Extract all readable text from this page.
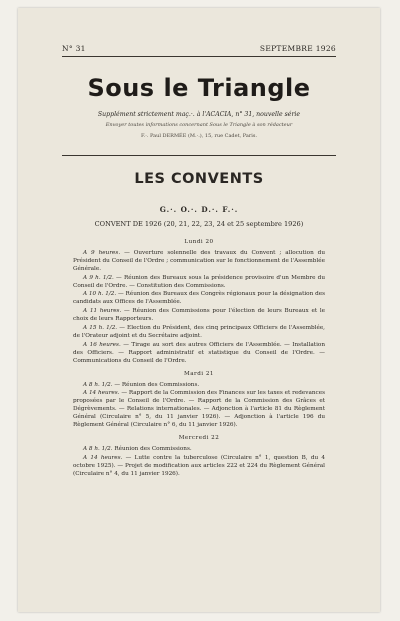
N° 31	SEPTEMBRE 1926
Sous le Triangle
Supplément strictement maç.·. à l'ACACIA, n° 31, nouvelle série
Envoyer toutes informations concernant Sous le Triangle à son rédacteur
F.·. Paul DERMÉE (M.·.), 15, rue Cadet, Paris.
LES CONVENTS
G.·. O.·. D.·. F.·.
CONVENT DE 1926 (20, 21, 22, 23, 24 et 25 septembre 1926)
Lundi 20

A 9 heures. — Ouverture solennelle des travaux du Convent ; allocution du Président du Conseil de l'Ordre ; communication sur le fonctionnement de l'Assemblée Générale.

A 9 h. 1/2. — Réunion des Bureaux sous la présidence provisoire d'un Membre du Conseil de l'Ordre. — Constitution des Commissions.

A 10 h. 1/2. — Réunion des Bureaux des Congrès régionaux pour la désignation des candidats aux Offices de l'Assemblée.

A 11 heures. — Réunion des Commissions pour l'élection de leurs Bureaux et le choix de leurs Rapporteurs.

A 15 h. 1/2. — Election du Président, des cinq principaux Officiers de l'Assemblée, de l'Orateur adjoint et du Secrétaire adjoint.

A 16 heures. — Tirage au sort des autres Officiers de l'Assemblée. — Installation des Officiers. — Rapport administratif et statistique du Conseil de l'Ordre. — Communications du Conseil de l'Ordre.

Mardi 21

A 8 h. 1/2. — Réunion des Commissions.

A 14 heures. — Rapport de la Commission des Finances sur les taxes et redevances proposées par le Conseil de l'Ordre. — Rapport de la Commission des Grâces et Dégrèvements. — Relations internationales. — Adjonction à l'article 81 du Règlement Général (Circulaire n° 5, du 11 janvier 1926). — Adjonction à l'article 196 du Règlement Général (Circulaire n° 6, du 11 janvier 1926).

Mercredi 22

A 8 h. 1/2. Réunion des Commissions.

A 14 heures. — Lutte contre la tuberculose (Circulaire n° 1, question B, du 4 octobre 1925). — Projet de modification aux articles 222 et 224 du Règlement Général (Circulaire n° 4, du 11 janvier 1926).
